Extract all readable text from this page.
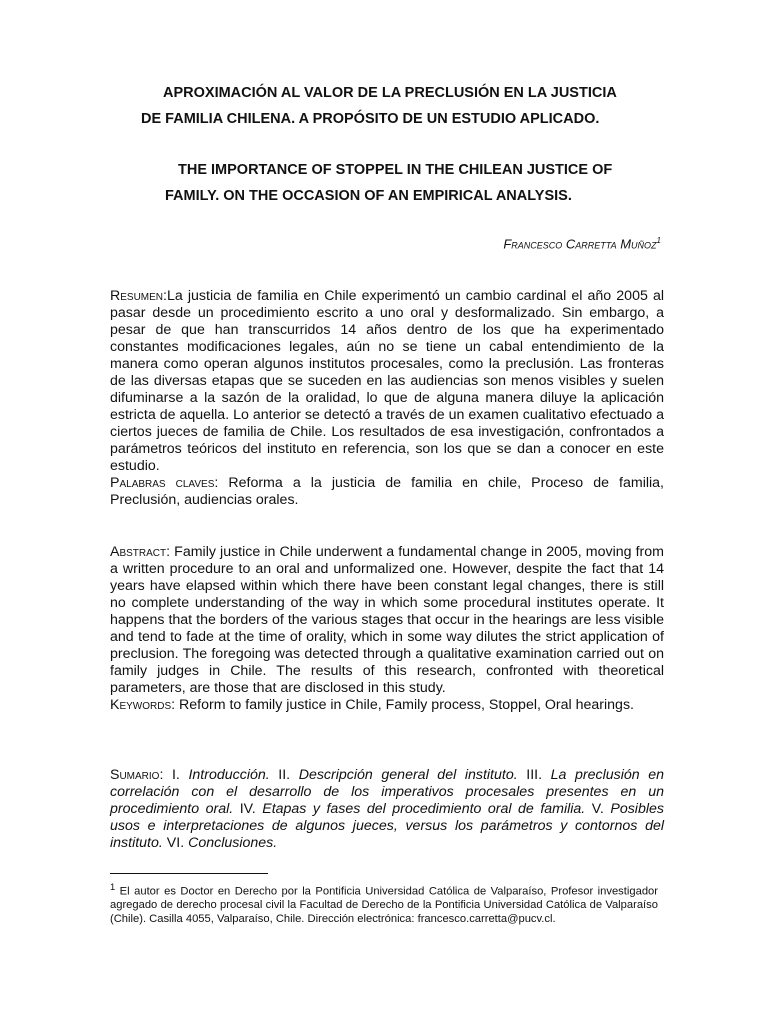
APROXIMACIÓN AL VALOR DE LA PRECLUSIÓN EN LA JUSTICIA
DE FAMILIA CHILENA. A PROPÓSITO DE UN ESTUDIO APLICADO.
THE IMPORTANCE OF STOPPEL IN THE CHILEAN JUSTICE OF
FAMILY. ON THE OCCASION OF AN EMPIRICAL ANALYSIS.
Francesco Carretta Muñoz$^1$

Resumen:La justicia de familia en Chile experimentó un cambio cardinal el año 2005 al pasar desde un procedimiento escrito a uno oral y desformalizado. Sin embargo, a pesar de que han transcurridos 14 años dentro de los que ha experimentado constantes modificaciones legales, aún no se tiene un cabal entendimiento de la manera como operan algunos institutos procesales, como la preclusión. Las fronteras de las diversas etapas que se suceden en las audiencias son menos visibles y suelen difuminarse a la sazón de la oralidad, lo que de alguna manera diluye la aplicación estricta de aquella. Lo anterior se detectó a través de un examen cualitativo efectuado a ciertos jueces de familia de Chile. Los resultados de esa investigación, confrontados a parámetros teóricos del instituto en referencia, son los que se dan a conocer en este estudio.
Palabras claves: Reforma a la justicia de familia en chile, Proceso de familia, Preclusión, audiencias orales.

Abstract: Family justice in Chile underwent a fundamental change in 2005, moving from a written procedure to an oral and unformalized one. However, despite the fact that 14 years have elapsed within which there have been constant legal changes, there is still no complete understanding of the way in which some procedural institutes operate. It happens that the borders of the various stages that occur in the hearings are less visible and tend to fade at the time of orality, which in some way dilutes the strict application of preclusion. The foregoing was detected through a qualitative examination carried out on family judges in Chile. The results of this research, confronted with theoretical parameters, are those that are disclosed in this study.
Keywords: Reform to family justice in Chile, Family process, Stoppel, Oral hearings.

Sumario: I. Introducción. II. Descripción general del instituto. III. La preclusión en correlación con el desarrollo de los imperativos procesales presentes en un procedimiento oral. IV. Etapas y fases del procedimiento oral de familia. V. Posibles usos e interpretaciones de algunos jueces, versus los parámetros y contornos del instituto. VI. Conclusiones.

$^1$ El autor es Doctor en Derecho por la Pontificia Universidad Católica de Valparaíso, Profesor investigador agregado de derecho procesal civil la Facultad de Derecho de la Pontificia Universidad Católica de Valparaíso (Chile). Casilla 4055, Valparaíso, Chile. Dirección electrónica: francesco.carretta@pucv.cl.
